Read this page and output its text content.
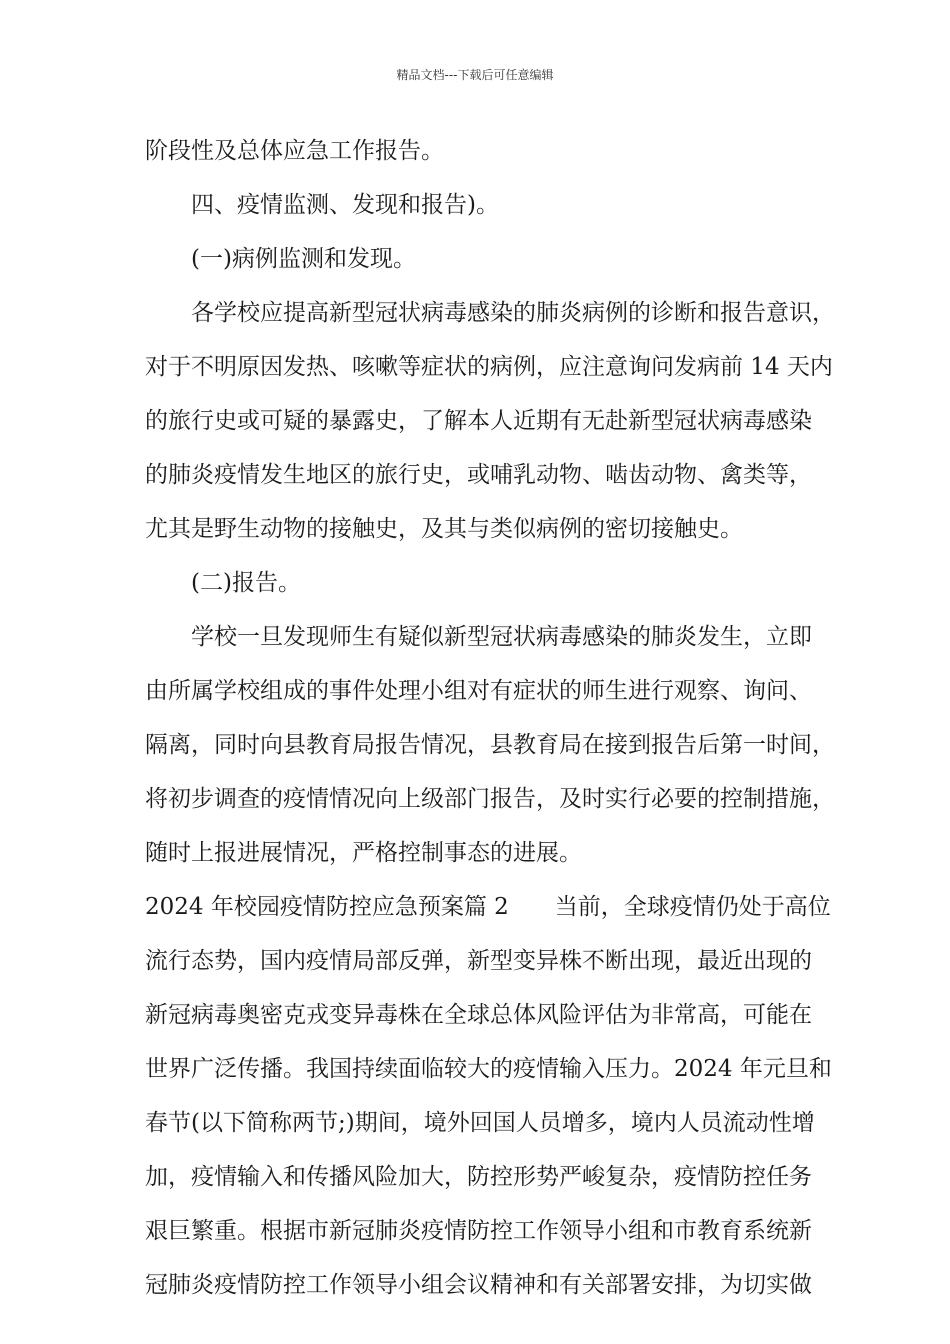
精品文档---下载后可任意编辑
阶段性及总体应急工作报告。
四、疫情监测、发现和报告)。
(一)病例监测和发现。
各学校应提高新型冠状病毒感染的肺炎病例的诊断和报告意识，
对于不明原因发热、咳嗽等症状的病例，应注意询问发病前 14 天内
的旅行史或可疑的暴露史，了解本人近期有无赴新型冠状病毒感染
的肺炎疫情发生地区的旅行史，或哺乳动物、啮齿动物、禽类等，
尤其是野生动物的接触史，及其与类似病例的密切接触史。
(二)报告。
学校一旦发现师生有疑似新型冠状病毒感染的肺炎发生，立即
由所属学校组成的事件处理小组对有症状的师生进行观察、询问、
隔离，同时向县教育局报告情况，县教育局在接到报告后第一时间，
将初步调查的疫情情况向上级部门报告，及时实行必要的控制措施，
随时上报进展情况，严格控制事态的进展。
2024 年校园疫情防控应急预案篇 2 当前，全球疫情仍处于高位
流行态势，国内疫情局部反弹，新型变异株不断出现，最近出现的
新冠病毒奥密克戎变异毒株在全球总体风险评估为非常高，可能在
世界广泛传播。我国持续面临较大的疫情输入压力。2024 年元旦和
春节(以下简称两节;)期间，境外回国人员增多，境内人员流动性增
加，疫情输入和传播风险加大，防控形势严峻复杂，疫情防控任务
艰巨繁重。根据市新冠肺炎疫情防控工作领导小组和市教育系统新
冠肺炎疫情防控工作领导小组会议精神和有关部署安排，为切实做
